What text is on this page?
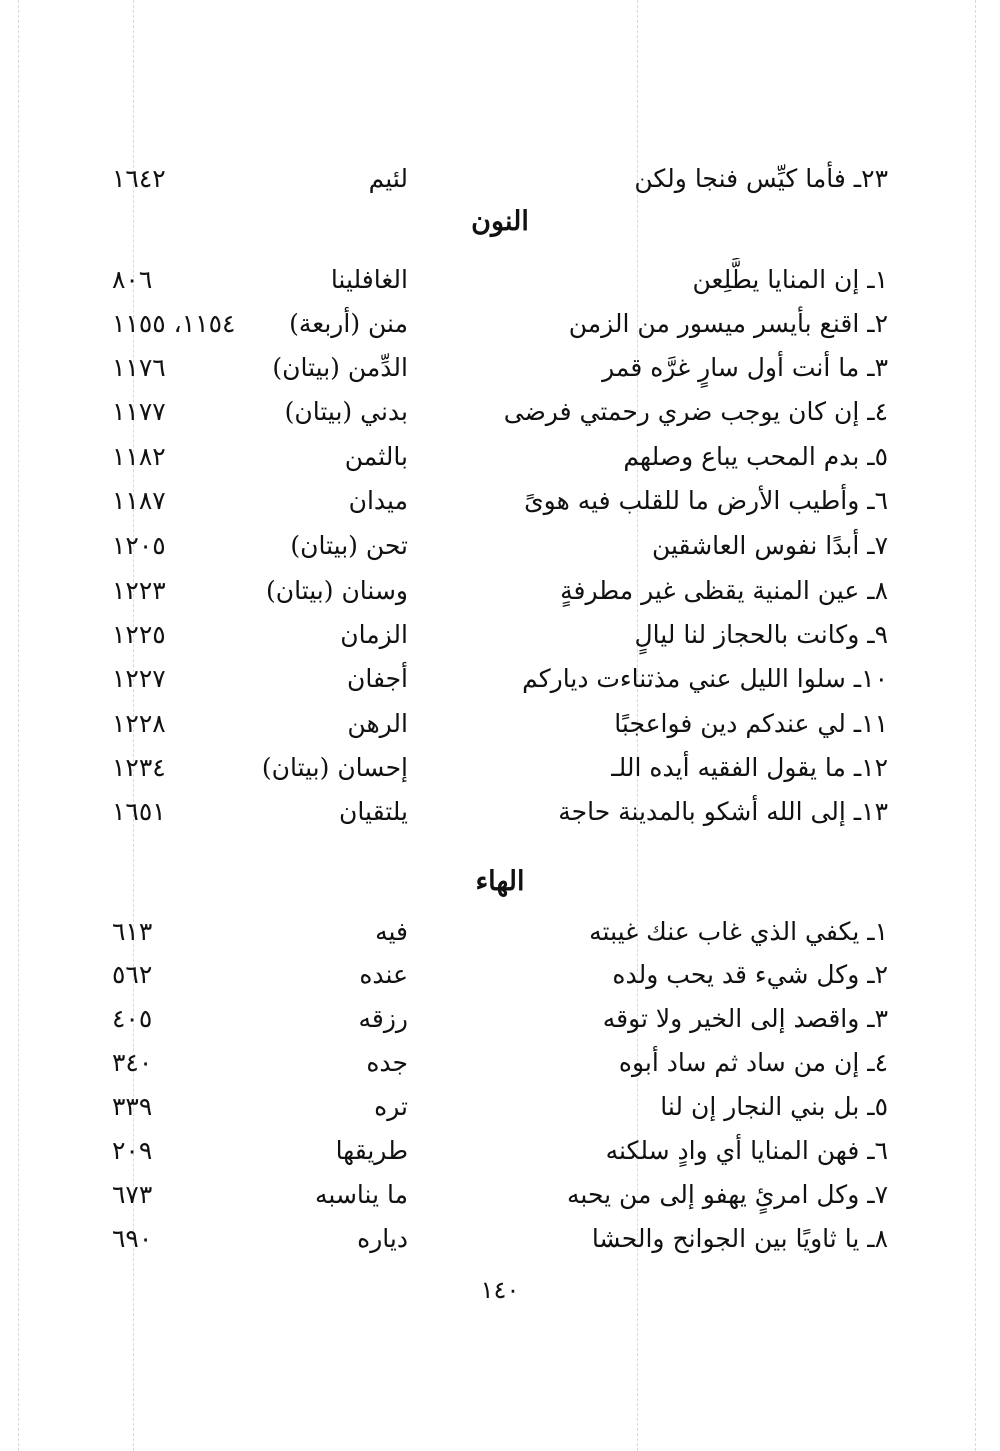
٢٣ـ فأما كيِّس فنجا ولكن
لئيم
١٦٤٢
النون
١ـ إن المنايا يطَّلِعن
الغافلينا
٨٠٦
٢ـ اقنع بأيسر ميسور من الزمن
منن (أربعة)
١١٥٤، ١١٥٥
٣ـ ما أنت أول سارٍ غرَّه قمر
الدِّمن (بيتان)
١١٧٦
٤ـ إن كان يوجب ضري رحمتي فرضى
بدني (بيتان)
١١٧٧
٥ـ بدم المحب يباع وصلهم
بالثمن
١١٨٢
٦ـ وأطيب الأرض ما للقلب فيه هوىً
ميدان
١١٨٧
٧ـ أبدًا نفوس العاشقين
تحن (بيتان)
١٢٠٥
٨ـ عين المنية يقظى غير مطرفةٍ
وسنان (بيتان)
١٢٢٣
٩ـ وكانت بالحجاز لنا ليالٍ
الزمان
١٢٢٥
١٠ـ سلوا الليل عني مذتناءت دياركم
أجفان
١٢٢٧
١١ـ لي عندكم دين فواعجبًا
الرهن
١٢٢٨
١٢ـ ما يقول الفقيه أيده اللـ
إحسان (بيتان)
١٢٣٤
١٣ـ إلى الله أشكو بالمدينة حاجة
يلتقيان
١٦٥١
الهاء
١ـ يكفي الذي غاب عنك غيبته
فيه
٦١٣
٢ـ وكل شيء قد يحب ولده
عنده
٥٦٢
٣ـ واقصد إلى الخير ولا توقه
رزقه
٤٠٥
٤ـ إن من ساد ثم ساد أبوه
جده
٣٤٠
٥ـ بل بني النجار إن لنا
تره
٣٣٩
٦ـ فهن المنايا أي وادٍ سلكنه
طريقها
٢٠٩
٧ـ وكل امرئٍ يهفو إلى من يحبه
ما يناسبه
٦٧٣
٨ـ يا ثاويًا بين الجوانح والحشا
دياره
٦٩٠
١٤٠
